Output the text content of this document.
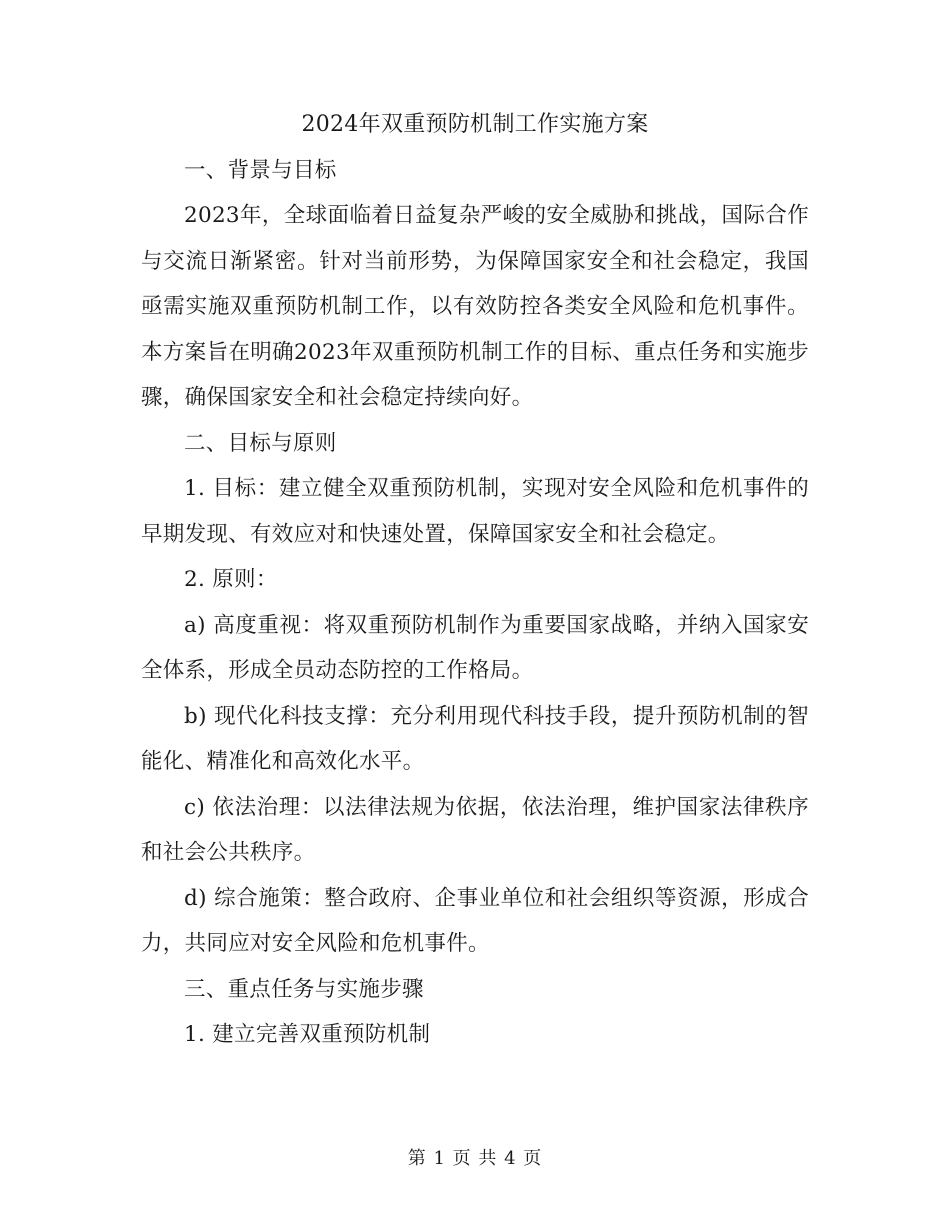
2024年双重预防机制工作实施方案

一、背景与目标

2023年，全球面临着日益复杂严峻的安全威胁和挑战，国际合作与交流日渐紧密。针对当前形势，为保障国家安全和社会稳定，我国亟需实施双重预防机制工作，以有效防控各类安全风险和危机事件。本方案旨在明确2023年双重预防机制工作的目标、重点任务和实施步骤，确保国家安全和社会稳定持续向好。

二、目标与原则

1. 目标：建立健全双重预防机制，实现对安全风险和危机事件的早期发现、有效应对和快速处置，保障国家安全和社会稳定。

2. 原则：

a) 高度重视：将双重预防机制作为重要国家战略，并纳入国家安全体系，形成全员动态防控的工作格局。

b) 现代化科技支撑：充分利用现代科技手段，提升预防机制的智能化、精准化和高效化水平。

c) 依法治理：以法律法规为依据，依法治理，维护国家法律秩序和社会公共秩序。

d) 综合施策：整合政府、企事业单位和社会组织等资源，形成合力，共同应对安全风险和危机事件。

三、重点任务与实施步骤

1. 建立完善双重预防机制

第 1 页 共 4 页
